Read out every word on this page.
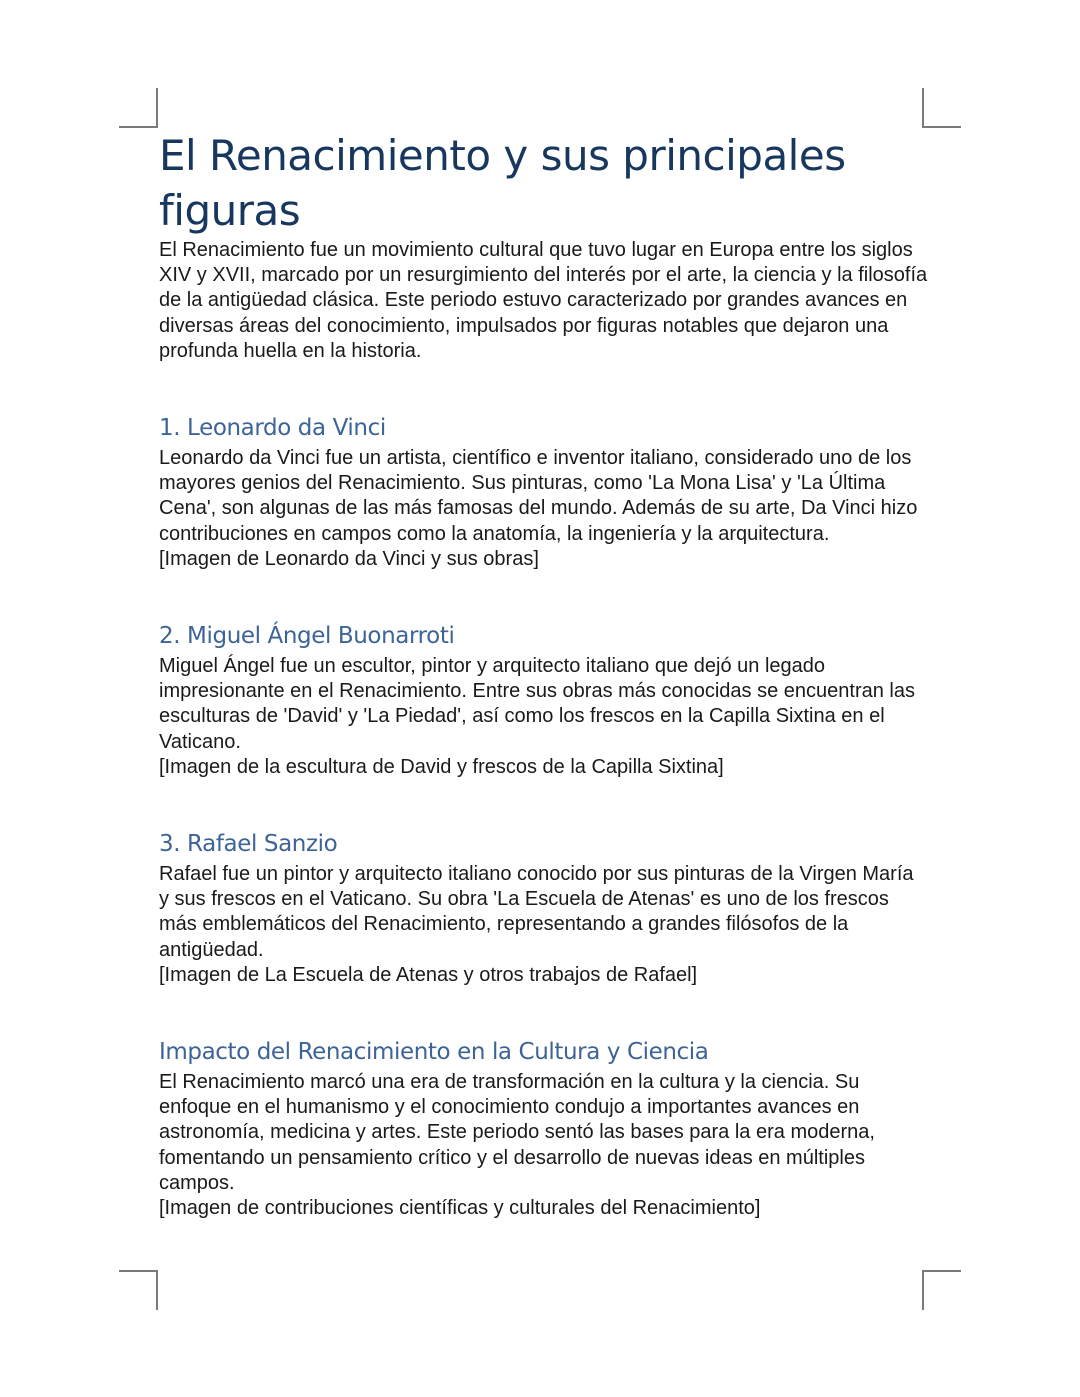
El Renacimiento y sus principales figuras

El Renacimiento fue un movimiento cultural que tuvo lugar en Europa entre los siglos XIV y XVII, marcado por un resurgimiento del interés por el arte, la ciencia y la filosofía de la antigüedad clásica. Este periodo estuvo caracterizado por grandes avances en diversas áreas del conocimiento, impulsados por figuras notables que dejaron una profunda huella en la historia.

1. Leonardo da Vinci

Leonardo da Vinci fue un artista, científico e inventor italiano, considerado uno de los mayores genios del Renacimiento. Sus pinturas, como 'La Mona Lisa' y 'La Última Cena', son algunas de las más famosas del mundo. Además de su arte, Da Vinci hizo contribuciones en campos como la anatomía, la ingeniería y la arquitectura.

[Imagen de Leonardo da Vinci y sus obras]

2. Miguel Ángel Buonarroti

Miguel Ángel fue un escultor, pintor y arquitecto italiano que dejó un legado impresionante en el Renacimiento. Entre sus obras más conocidas se encuentran las esculturas de 'David' y 'La Piedad', así como los frescos en la Capilla Sixtina en el Vaticano.

[Imagen de la escultura de David y frescos de la Capilla Sixtina]

3. Rafael Sanzio

Rafael fue un pintor y arquitecto italiano conocido por sus pinturas de la Virgen María y sus frescos en el Vaticano. Su obra 'La Escuela de Atenas' es uno de los frescos más emblemáticos del Renacimiento, representando a grandes filósofos de la antigüedad.

[Imagen de La Escuela de Atenas y otros trabajos de Rafael]

Impacto del Renacimiento en la Cultura y Ciencia

El Renacimiento marcó una era de transformación en la cultura y la ciencia. Su enfoque en el humanismo y el conocimiento condujo a importantes avances en astronomía, medicina y artes. Este periodo sentó las bases para la era moderna, fomentando un pensamiento crítico y el desarrollo de nuevas ideas en múltiples campos.

[Imagen de contribuciones científicas y culturales del Renacimiento]
